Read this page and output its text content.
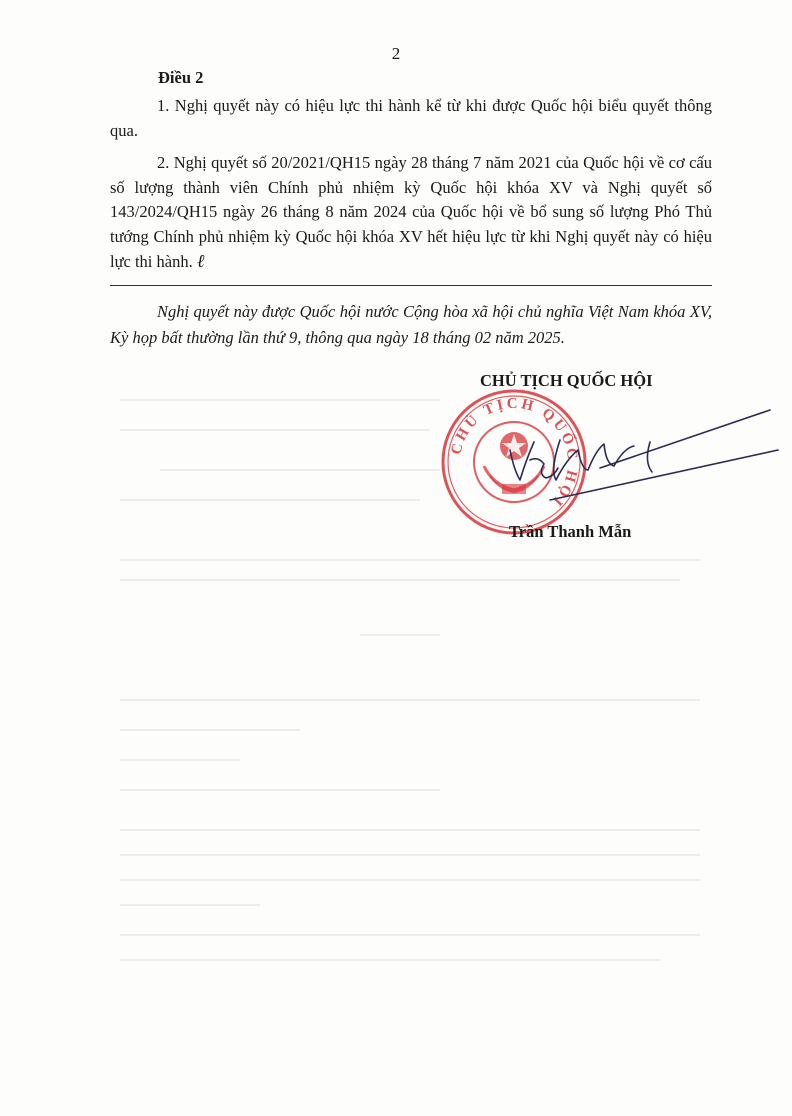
2
Điều 2

1. Nghị quyết này có hiệu lực thi hành kể từ khi được Quốc hội biểu quyết thông qua.

2. Nghị quyết số 20/2021/QH15 ngày 28 tháng 7 năm 2021 của Quốc hội về cơ cấu số lượng thành viên Chính phủ nhiệm kỳ Quốc hội khóa XV và Nghị quyết số 143/2024/QH15 ngày 26 tháng 8 năm 2024 của Quốc hội về bổ sung số lượng Phó Thủ tướng Chính phủ nhiệm kỳ Quốc hội khóa XV hết hiệu lực từ khi Nghị quyết này có hiệu lực thi hành. ℓ

Nghị quyết này được Quốc hội nước Cộng hòa xã hội chủ nghĩa Việt Nam khóa XV, Kỳ họp bất thường lần thứ 9, thông qua ngày 18 tháng 02 năm 2025.

CHỦ TỊCH QUỐC HỘI
CHỦ TỊCH QUỐC HỘI
Trần Thanh Mẫn
